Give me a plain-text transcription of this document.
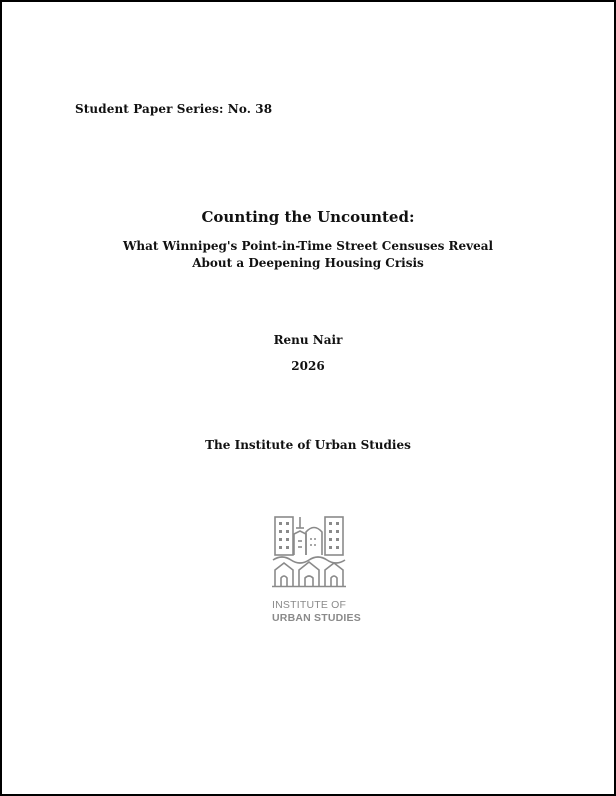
Student Paper Series: No. 38
Counting the Uncounted:
What Winnipeg's Point-in-Time Street Censuses Reveal
About a Deepening Housing Crisis
Renu Nair
2026
The Institute of Urban Studies
INSTITUTE OF
URBAN STUDIES
